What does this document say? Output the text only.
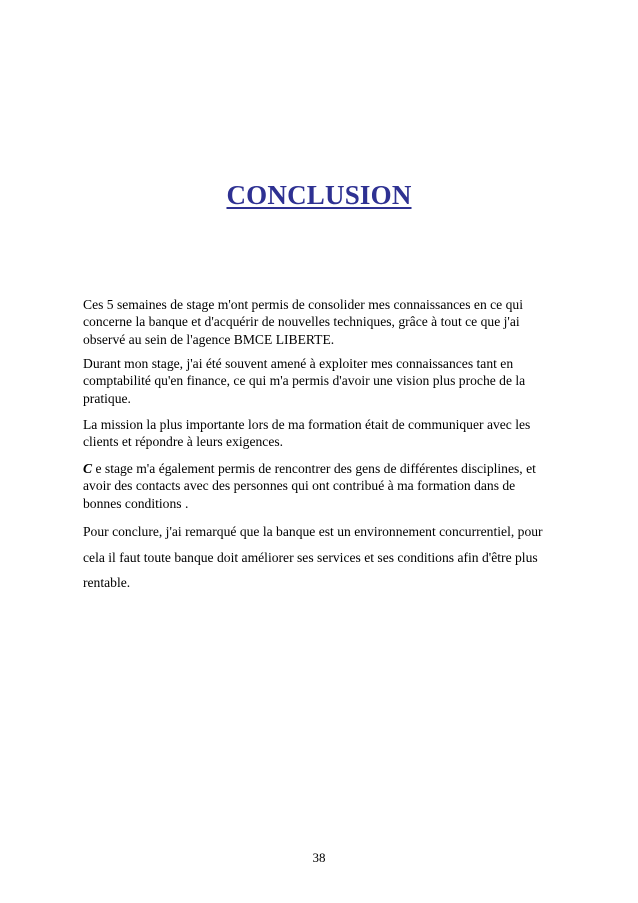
CONCLUSION
Ces 5 semaines de stage m'ont permis de consolider mes connaissances en ce qui concerne la banque et d'acquérir de nouvelles techniques, grâce à tout ce que j'ai observé au sein de l'agence BMCE LIBERTE.
Durant mon stage, j'ai été souvent amené à exploiter mes connaissances tant en comptabilité qu'en finance, ce qui m'a permis d'avoir une vision plus proche de la pratique.
La mission la plus importante lors de ma formation était de communiquer avec les clients et répondre à leurs exigences.
C e stage m'a également permis de rencontrer des gens de différentes disciplines, et avoir des contacts avec des personnes qui ont contribué à ma formation dans de bonnes conditions .
Pour conclure, j'ai remarqué que la banque est un environnement concurrentiel, pour cela il faut toute banque doit améliorer ses services et ses conditions afin d'être plus rentable.
38
